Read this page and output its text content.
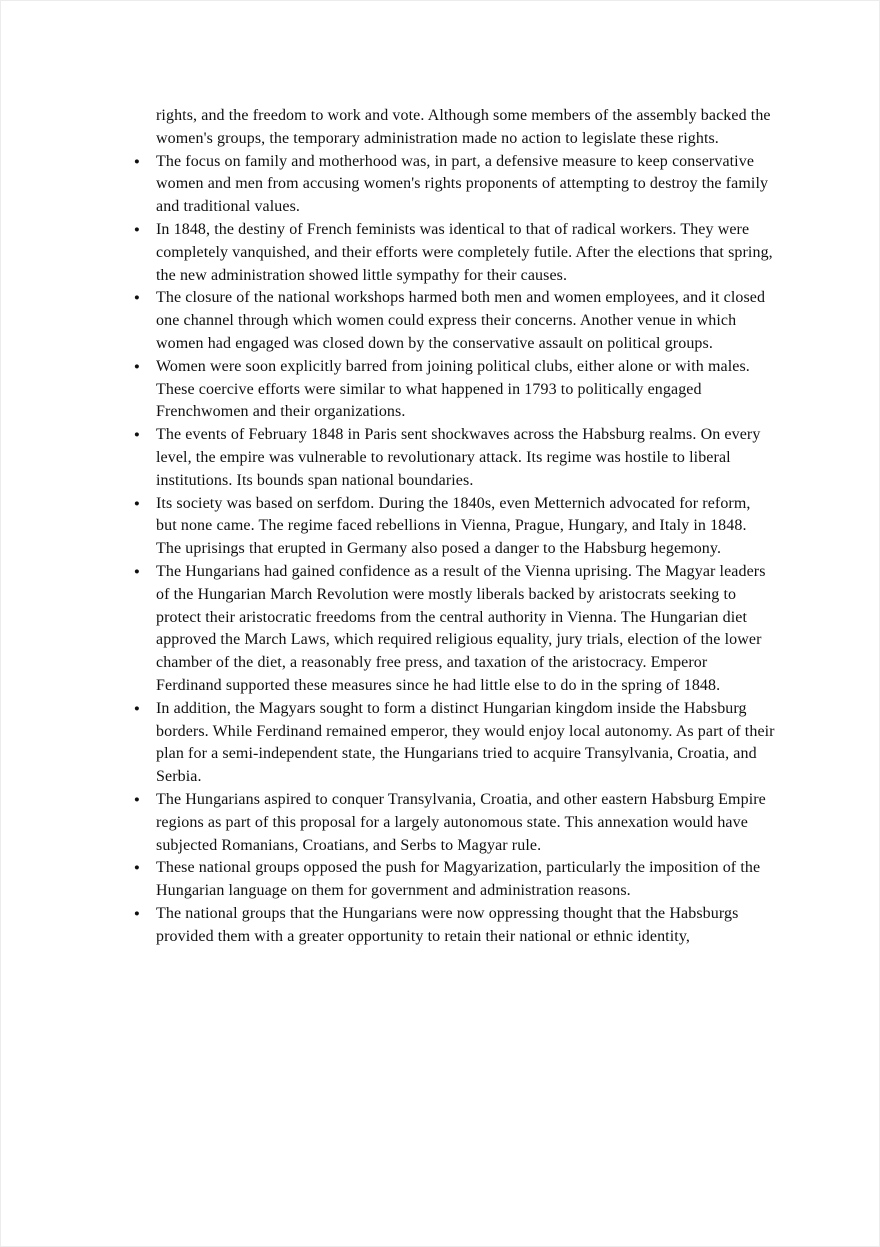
rights, and the freedom to work and vote. Although some members of the assembly backed the women's groups, the temporary administration made no action to legislate these rights.

● The focus on family and motherhood was, in part, a defensive measure to keep conservative women and men from accusing women's rights proponents of attempting to destroy the family and traditional values.
● In 1848, the destiny of French feminists was identical to that of radical workers. They were completely vanquished, and their efforts were completely futile. After the elections that spring, the new administration showed little sympathy for their causes.
● The closure of the national workshops harmed both men and women employees, and it closed one channel through which women could express their concerns. Another venue in which women had engaged was closed down by the conservative assault on political groups.
● Women were soon explicitly barred from joining political clubs, either alone or with males. These coercive efforts were similar to what happened in 1793 to politically engaged Frenchwomen and their organizations.
● The events of February 1848 in Paris sent shockwaves across the Habsburg realms. On every level, the empire was vulnerable to revolutionary attack. Its regime was hostile to liberal institutions. Its bounds span national boundaries.
● Its society was based on serfdom. During the 1840s, even Metternich advocated for reform, but none came. The regime faced rebellions in Vienna, Prague, Hungary, and Italy in 1848. The uprisings that erupted in Germany also posed a danger to the Habsburg hegemony.
● The Hungarians had gained confidence as a result of the Vienna uprising. The Magyar leaders of the Hungarian March Revolution were mostly liberals backed by aristocrats seeking to protect their aristocratic freedoms from the central authority in Vienna. The Hungarian diet approved the March Laws, which required religious equality, jury trials, election of the lower chamber of the diet, a reasonably free press, and taxation of the aristocracy. Emperor Ferdinand supported these measures since he had little else to do in the spring of 1848.
● In addition, the Magyars sought to form a distinct Hungarian kingdom inside the Habsburg borders. While Ferdinand remained emperor, they would enjoy local autonomy. As part of their plan for a semi-independent state, the Hungarians tried to acquire Transylvania, Croatia, and Serbia.
● The Hungarians aspired to conquer Transylvania, Croatia, and other eastern Habsburg Empire regions as part of this proposal for a largely autonomous state. This annexation would have subjected Romanians, Croatians, and Serbs to Magyar rule.
● These national groups opposed the push for Magyarization, particularly the imposition of the Hungarian language on them for government and administration reasons.
● The national groups that the Hungarians were now oppressing thought that the Habsburgs provided them with a greater opportunity to retain their national or ethnic identity,
